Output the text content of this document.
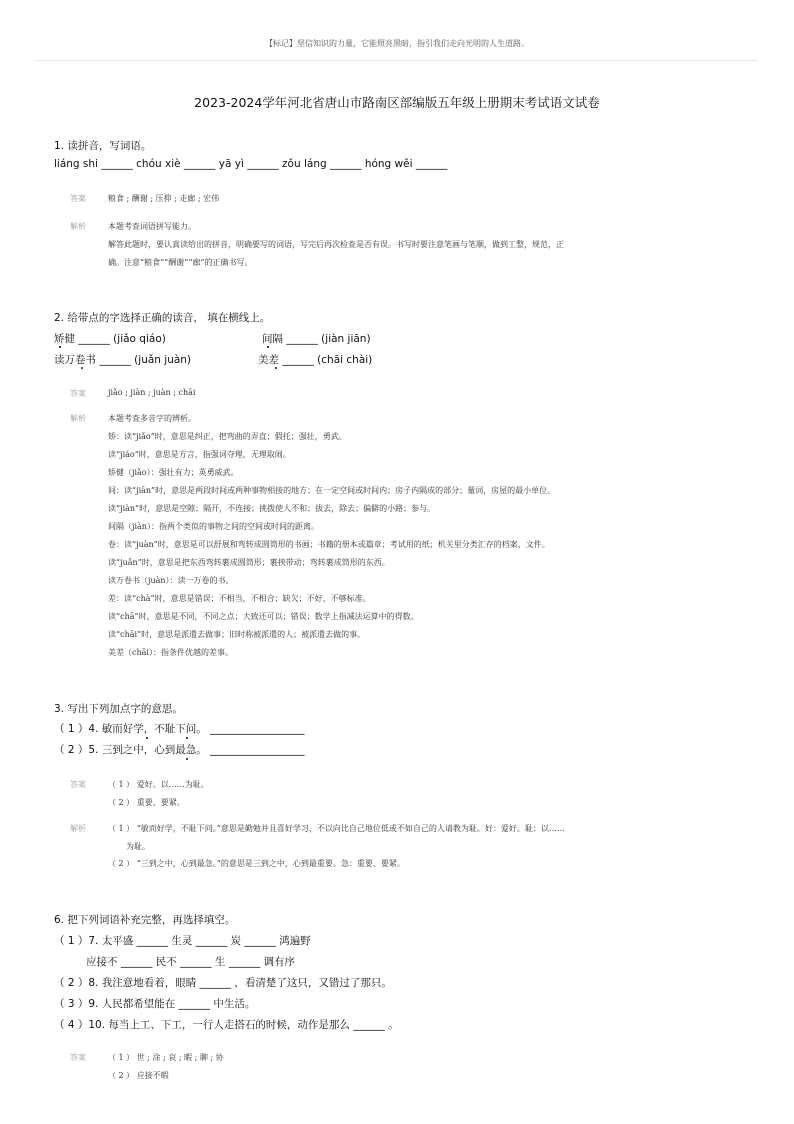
【标记】坚信知识的力量，它能照亮黑暗，指引我们走向光明的人生道路。
2023-2024学年河北省唐山市路南区部编版五年级上册期末考试语文试卷
1. 读拼音，写词语。
liáng shi ______ chóu xiè ______ yā yì ______ zǒu láng ______ hóng wěi ______
答案	粮食 ; 酬谢 ; 压抑 ; 走廊 ; 宏伟
解析	本题考查词语拼写能力。
解答此题时，要认真读给出的拼音，明确要写的词语，写完后再次检查是否有误。书写时要注意笔画与笔顺，做到工整，规范，正
确。注意“粮食”“酬谢”“廊”的正确书写。
2. 给带点的字选择正确的读音， 填在横线上。
矫健 ______ (jiǎo qiáo)	间隔 ______ (jiàn jiān)
读万卷书 ______ (juǎn juàn)	美差 ______ (chāi chài)
答案	jiǎo ; jiàn ; juàn ; chāi
解析	本题考查多音字的辨析。
矫：读“jiǎo”时，意思是纠正，把弯曲的弄直；假托；强壮，勇武。
读“jiáo”时，意思是方言，指强词夺理，无理取闹。
矫健（jiǎo）：强壮有力；英勇威武。
间：读“jiān”时，意思是两段时间或两种事物相接的地方；在一定空间或时间内；房子内隔成的部分；量词，房屋的最小单位。
读“jiàn”时，意思是空隙；隔开，不连接；挑拨使人不和；拔去，除去；偏僻的小路；参与。
间隔（jiàn）：指两个类似的事物之间的空间或时间的距离。
卷：读“juàn”时，意思是可以舒展和弯转成圆筒形的书画；书籍的册本或篇章；考试用的纸；机关里分类汇存的档案、文件。
读“juǎn”时，意思是把东西弯转裹成圆筒形；裹挟带动；弯转裹成筒形的东西。
读万卷书（juàn）：读一万卷的书。
差：读“chà”时，意思是错误；不相当，不相合；缺欠；不好，不够标准。
读“chā”时，意思是不同，不同之点；大致还可以；错误；数学上指减法运算中的得数。
读“chāi”时，意思是派遣去做事；旧时称被派遣的人；被派遣去做的事。
美差（chāi）：指条件优越的差事。
3. 写出下列加点字的意思。
（ 1 ）4. 敏而好学，不耻下问。 __________________
（ 2 ）5. 三到之中，心到最急。 __________________
答案	（ 1 ） 爱好。以……为耻。
（ 2 ） 重要、要紧。
解析	（ 1 ） “敏而好学，不耻下问。”意思是勤勉并且喜好学习，不以向比自己地位低或不如自己的人请教为耻。好：爱好。耻：以……
为耻。
（ 2 ） “三到之中，心到最急。”的意思是三到之中，心到最重要。急：重要、要紧。
6. 把下列词语补充完整，再选择填空。
（ 1 ）7. 太平盛 ______ 生灵 ______ 炭 ______ 鸿遍野
应接不 ______ 民不 ______ 生 ______ 调有序
（ 2 ）8. 我注意地看着，眼睛 ______ ，看清楚了这只，又错过了那只。
（ 3 ）9. 人民都希望能在 ______ 中生活。
（ 4 ）10. 每当上工、下工，一行人走搭石的时候，动作是那么 ______ 。
答案	（ 1 ） 世 ; 涂 ; 哀 ; 暇 ; 聊 ; 协
（ 2 ） 应接不暇
